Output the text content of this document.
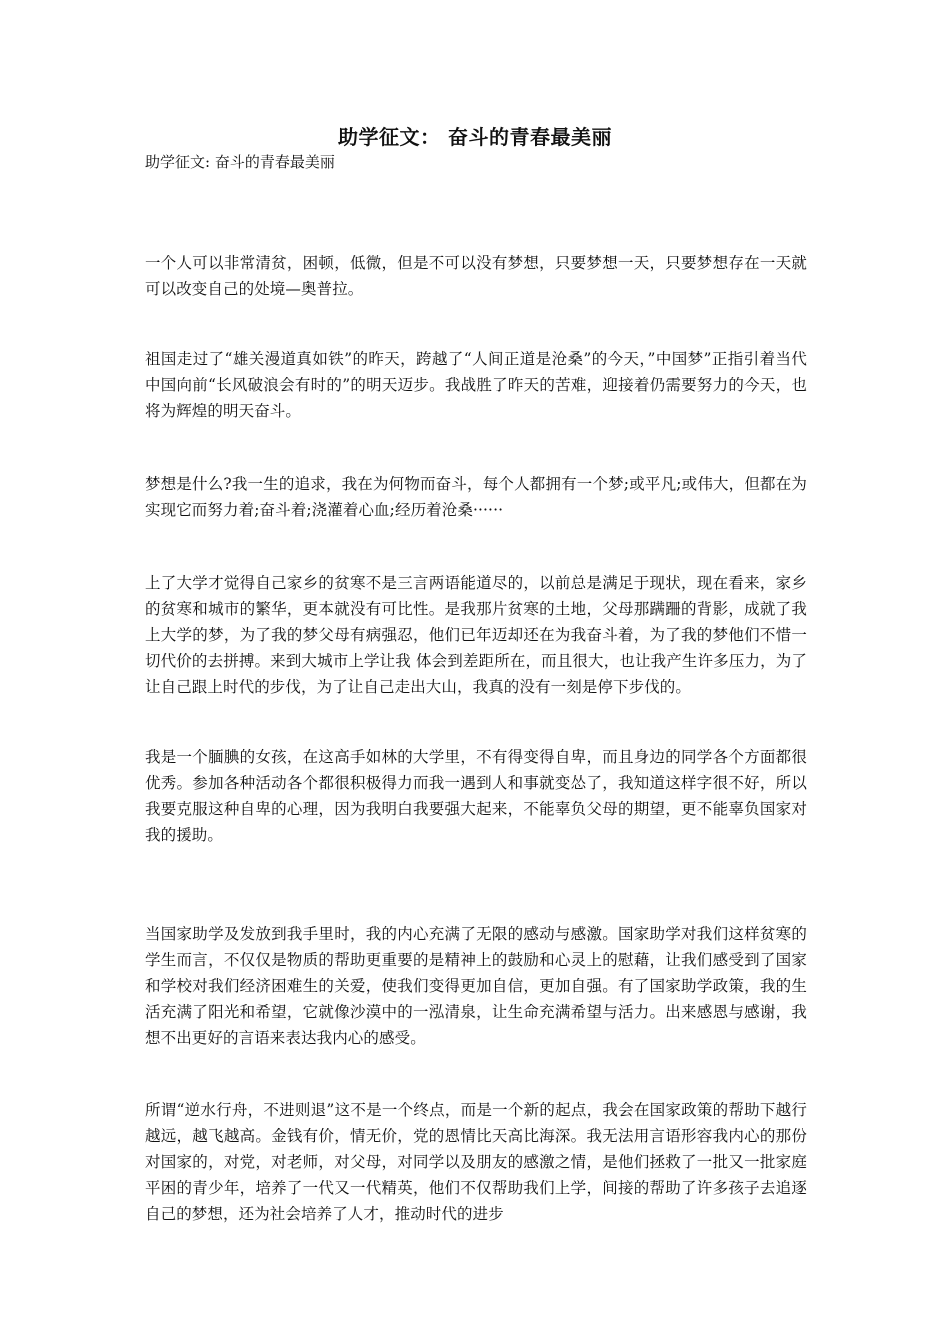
助学征文： 奋斗的青春最美丽

助学征文: 奋斗的青春最美丽

一个人可以非常清贫，困顿，低微，但是不可以没有梦想，只要梦想一天，只要梦想存在一天就可以改变自己的处境—奥普拉。

祖国走过了“雄关漫道真如铁”的昨天，跨越了“人间正道是沧桑”的今天，”中国梦”正指引着当代中国向前“长风破浪会有时的”的明天迈步。我战胜了昨天的苦难，迎接着仍需要努力的今天，也将为辉煌的明天奋斗。

梦想是什么?我一生的追求，我在为何物而奋斗，每个人都拥有一个梦;或平凡;或伟大，但都在为实现它而努力着;奋斗着;浇灌着心血;经历着沧桑······

上了大学才觉得自己家乡的贫寒不是三言两语能道尽的，以前总是满足于现状，现在看来，家乡的贫寒和城市的繁华，更本就没有可比性。是我那片贫寒的土地，父母那蹒跚的背影，成就了我上大学的梦，为了我的梦父母有病强忍，他们已年迈却还在为我奋斗着，为了我的梦他们不惜一切代价的去拼搏。来到大城市上学让我 体会到差距所在，而且很大，也让我产生许多压力，为了让自己跟上时代的步伐，为了让自己走出大山，我真的没有一刻是停下步伐的。

我是一个腼腆的女孩，在这高手如林的大学里，不有得变得自卑，而且身边的同学各个方面都很优秀。参加各种活动各个都很积极得力而我一遇到人和事就变怂了，我知道这样字很不好，所以我要克服这种自卑的心理，因为我明白我要强大起来，不能辜负父母的期望，更不能辜负国家对我的援助。

当国家助学及发放到我手里时，我的内心充满了无限的感动与感激。国家助学对我们这样贫寒的学生而言，不仅仅是物质的帮助更重要的是精神上的鼓励和心灵上的慰藉，让我们感受到了国家和学校对我们经济困难生的关爱，使我们变得更加自信，更加自强。有了国家助学政策，我的生活充满了阳光和希望，它就像沙漠中的一泓清泉，让生命充满希望与活力。出来感恩与感谢，我想不出更好的言语来表达我内心的感受。

所谓“逆水行舟，不进则退”这不是一个终点，而是一个新的起点，我会在国家政策的帮助下越行越远，越飞越高。金钱有价，情无价，党的恩情比天高比海深。我无法用言语形容我内心的那份对国家的，对党，对老师，对父母，对同学以及朋友的感激之情，是他们拯救了一批又一批家庭平困的青少年，培养了一代又一代精英，他们不仅帮助我们上学，间接的帮助了许多孩子去追逐自己的梦想，还为社会培养了人才，推动时代的进步
